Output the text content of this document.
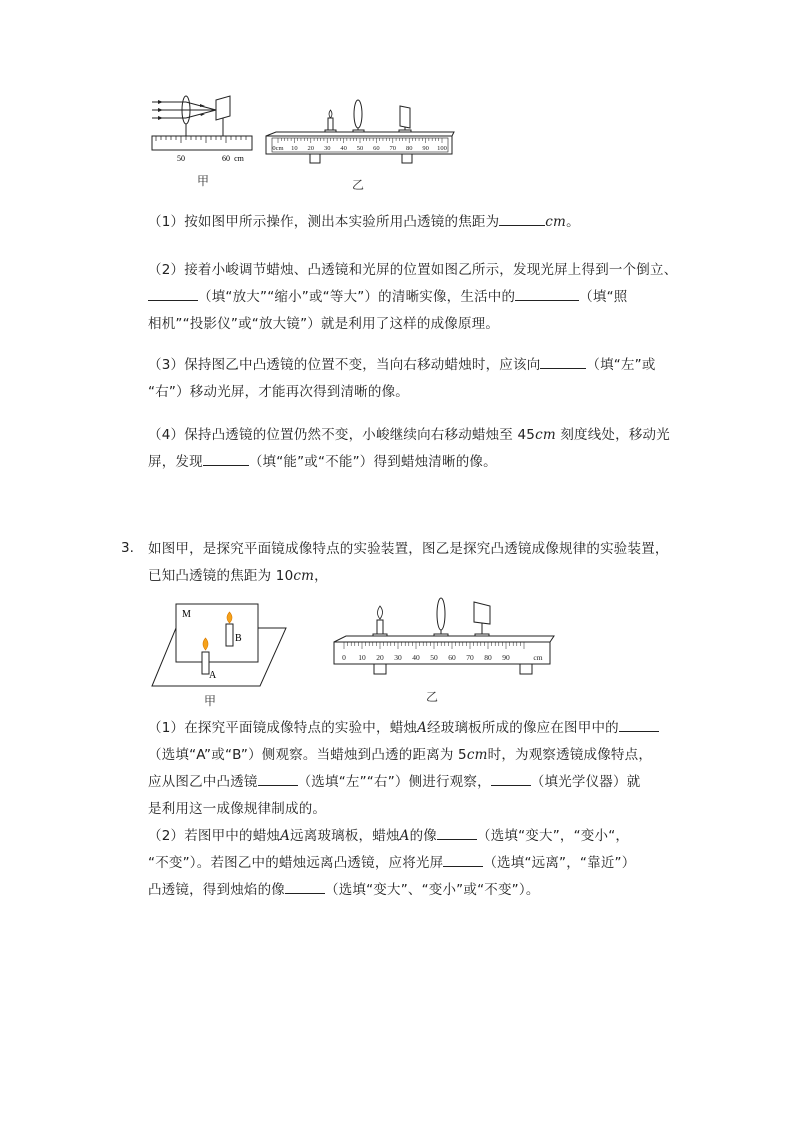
50	60 cm
甲
0cm 10 20 30 40 50 60 70 80 90 100
乙
（1）按如图甲所示操作，测出本实验所用凸透镜的焦距为	cm。
（2）接着小峻调节蜡烛、凸透镜和光屏的位置如图乙所示，发现光屏上得到一个倒立、
（填“放大”“缩小”或“等大”）的清晰实像，生活中的	（填“照
相机”“投影仪”或“放大镜”）就是利用了这样的成像原理。
（3）保持图乙中凸透镜的位置不变，当向右移动蜡烛时，应该向	（填“左”或
“右”）移动光屏，才能再次得到清晰的像。
（4）保持凸透镜的位置仍然不变，小峻继续向右移动蜡烛至 45cm 刻度线处，移动光
屏，发现	（填“能”或“不能”）得到蜡烛清晰的像。
3. 如图甲，是探究平面镜成像特点的实验装置，图乙是探究凸透镜成像规律的实验装置，
已知凸透镜的焦距为 10cm，
M
B
A
甲
0 10 20 30 40 50 60 70 80 90	cm
乙
（1）在探究平面镜成像特点的实验中，蜡烛A经玻璃板所成的像应在图甲中的
（选填“A”或“B”）侧观察。当蜡烛到凸透的距离为 5cm时，为观察透镜成像特点，
应从图乙中凸透镜	（选填“左”“右”）侧进行观察，	（填光学仪器）就
是利用这一成像规律制成的。
（2）若图甲中的蜡烛A远离玻璃板，蜡烛A的像	（选填“变大”，“变小“，
“不变”）。若图乙中的蜡烛远离凸透镜，应将光屏	（选填“远离”，“靠近”）
凸透镜，得到烛焰的像	（选填“变大”、“变小”或“不变”）。
